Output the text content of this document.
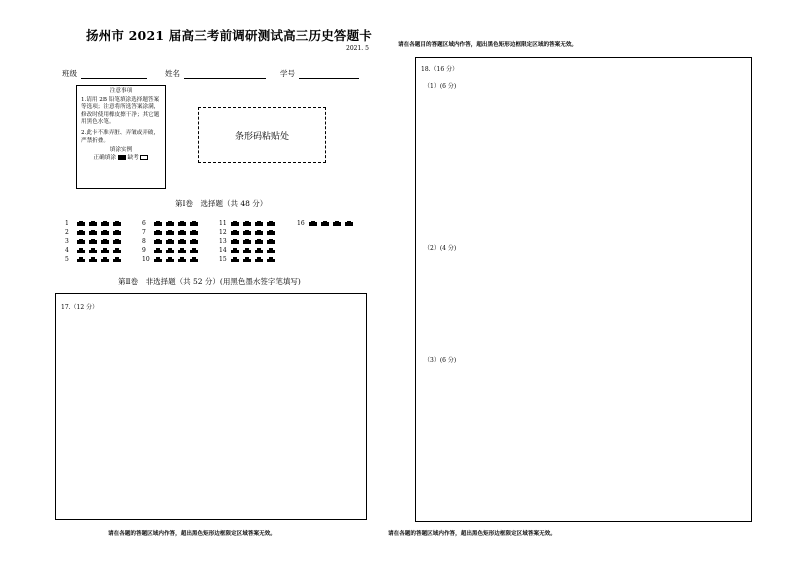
扬州市 2021 届高三考前调研测试高三历史答题卡
2021. 5	请在各题目的答题区域内作答，超出黑色矩形边框限定区域的答案无效。
班级	姓名	学号
注意事项
1.请用 2B 铅笔填涂选择题答案等选项；注意将所选答案涂满，修改时使用橡皮擦干净；其它题用黑色水笔。
2.此卡不准弄脏、弄皱或弄破，严禁折叠。
填涂实例
正确填涂 缺考
条形码粘贴处
第Ⅰ卷　选择题（共 48 分）
1
2
3
4
5
6
7
8
9
10
11
12
13
14
15
16
第Ⅱ卷　非选择题（共 52 分）(用黑色墨水签字笔填写)
17.（12 分）
18.（16 分）
（1）(6 分)
（2）(4 分)
（3）(6 分)
请在各题的答题区域内作答，超出黑色矩形边框限定区域答案无效。	请在各题的答题区域内作答，超出黑色矩形边框限定区域答案无效。
